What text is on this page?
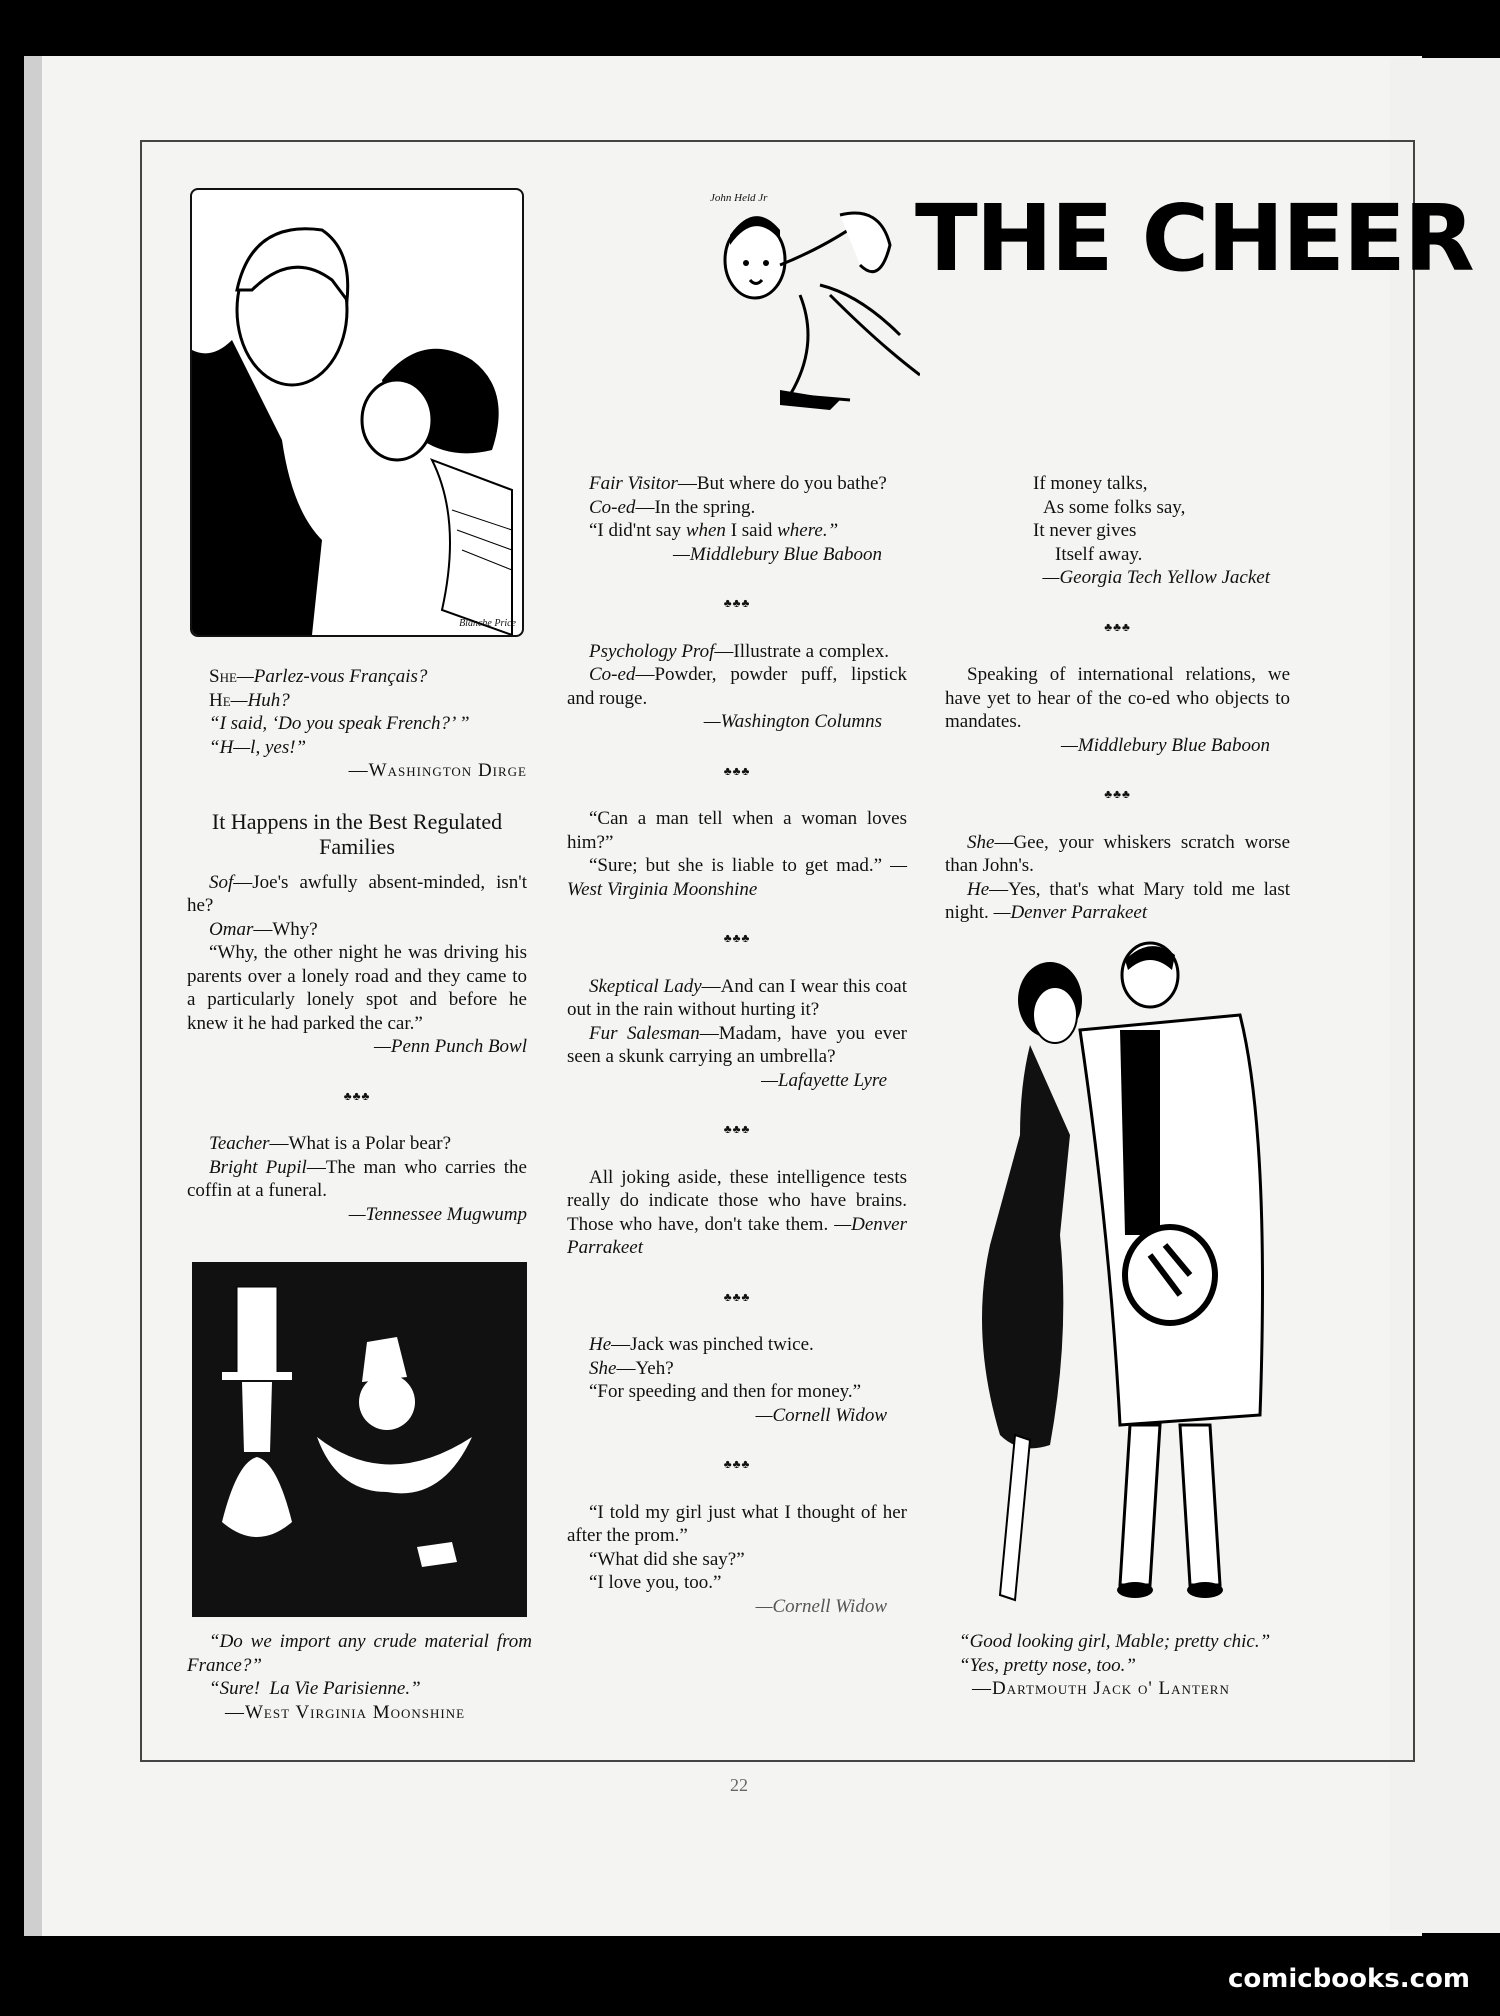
John Held Jr THE CHEER
Blanche Price

She—Parlez-vous Français?

He—Huh?

“I said, ‘Do you speak French?’ ”

“H—l, yes!”

—Washington Dirge

It Happens in the Best Regulated Families

Sof—Joe's awfully absent-minded, isn't he?

Omar—Why?

“Why, the other night he was driving his parents over a lonely road and they came to a particularly lonely spot and before he knew it he had parked the car.”

—Penn Punch Bowl

♣♣♣

Teacher—What is a Polar bear?

Bright Pupil—The man who carries the coffin at a funeral.

—Tennessee Mugwump

“Do we import any crude material from France?”

“Sure! La Vie Parisienne.”

—West Virginia Moonshine

Fair Visitor—But where do you bathe?

Co-ed—In the spring.

“I did'nt say when I said where.”

—Middlebury Blue Baboon

♣♣♣

Psychology Prof—Illustrate a complex.

Co-ed—Powder, powder puff, lipstick and rouge.

—Washington Columns

♣♣♣

“Can a man tell when a woman loves him?”

“Sure; but she is liable to get mad.” —West Virginia Moonshine

♣♣♣

Skeptical Lady—And can I wear this coat out in the rain without hurting it?

Fur Salesman—Madam, have you ever seen a skunk carrying an umbrella?

—Lafayette Lyre

♣♣♣

All joking aside, these intelligence tests really do indicate those who have brains. Those who have, don't take them. —Denver Parrakeet

♣♣♣

He—Jack was pinched twice.

She—Yeh?

“For speeding and then for money.”

—Cornell Widow

♣♣♣

“I told my girl just what I thought of her after the prom.”

“What did she say?”

“I love you, too.”

—Cornell Widow

If money talks,

As some folks say,

It never gives

Itself away.

—Georgia Tech Yellow Jacket

♣♣♣

Speaking of international relations, we have yet to hear of the co-ed who objects to mandates.

—Middlebury Blue Baboon

♣♣♣

She—Gee, your whiskers scratch worse than John's.

He—Yes, that's what Mary told me last night. —Denver Parrakeet

“Good looking girl, Mable; pretty chic.”

“Yes, pretty nose, too.”

—Dartmouth Jack o' Lantern

22
comicbooks.com
